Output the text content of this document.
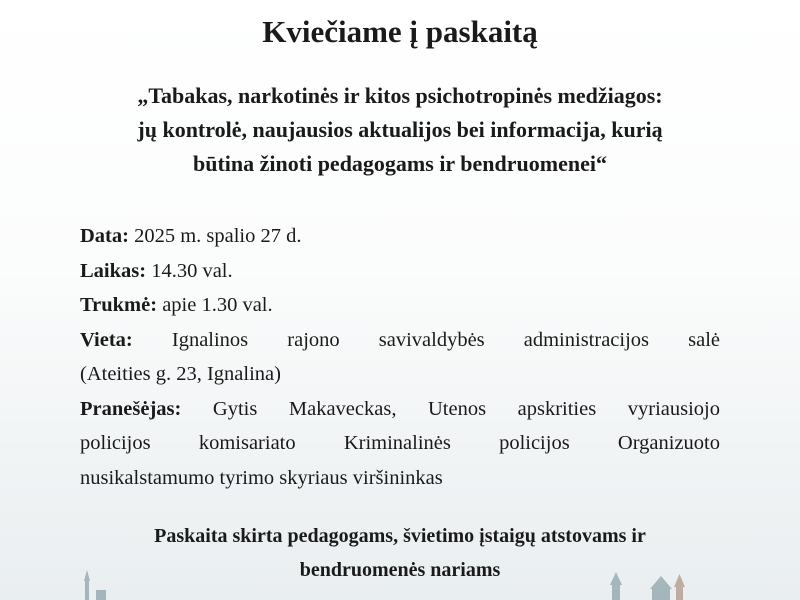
Kviečiame į paskaitą
„Tabakas, narkotinės ir kitos psichotropinės medžiagos:
jų kontrolė, naujausios aktualijos bei informacija, kurią
būtina žinoti pedagogams ir bendruomenei“
Data: 2025 m. spalio 27 d.
Laikas: 14.30 val.
Trukmė: apie 1.30 val.
Vieta: Ignalinos rajono savivaldybės administracijos salė
(Ateities g. 23, Ignalina)
Pranešėjas: Gytis Makaveckas, Utenos apskrities vyriausiojo
policijos komisariato Kriminalinės policijos Organizuoto
nusikalstamumo tyrimo skyriaus viršininkas
Paskaita skirta pedagogams, švietimo įstaigų atstovams ir
bendruomenės nariams
